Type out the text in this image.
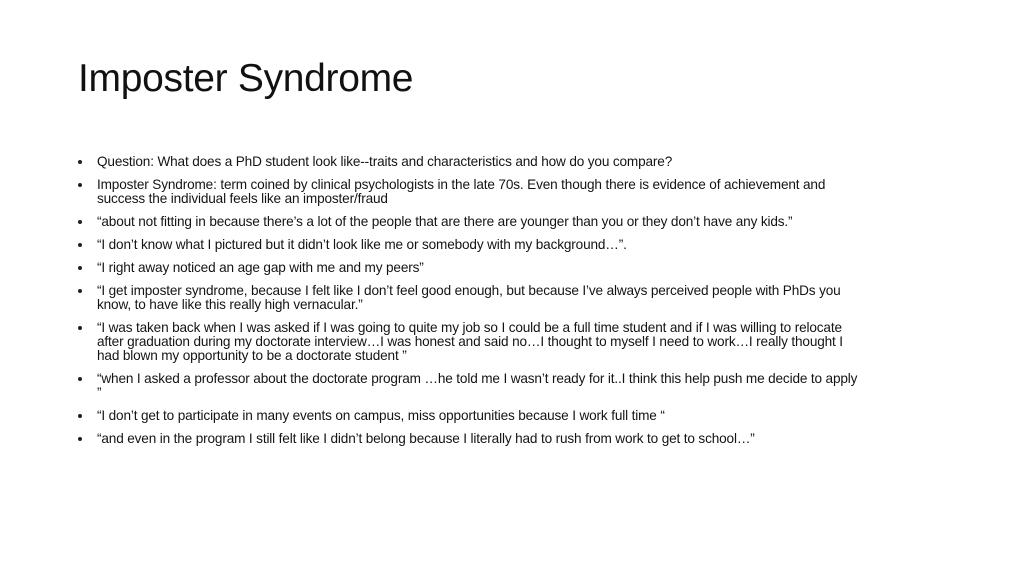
Imposter Syndrome
Question: What does a PhD student look like--traits and characteristics and how do you compare?
Imposter Syndrome: term coined by clinical psychologists in the late 70s. Even though there is evidence of achievement and
success the individual feels like an imposter/fraud
“about not fitting in because there’s a lot of the people that are there are younger than you or they don’t have any kids.”
“I don’t know what I pictured but it didn’t look like me or somebody with my background…”.
“I right away noticed an age gap with me and my peers”
“I get imposter syndrome, because I felt like I don’t feel good enough, but because I’ve always perceived people with PhDs you
know, to have like this really high vernacular.”
“I was taken back when I was asked if I was going to quite my job so I could be a full time student and if I was willing to relocate
after graduation during my doctorate interview…I was honest and said no…I thought to myself I need to work…I really thought I
had blown my opportunity to be a doctorate student ”
“when I asked a professor about the doctorate program …he told me I wasn’t ready for it..I think this help push me decide to apply
”
“I don’t get to participate in many events on campus, miss opportunities because I work full time “
“and even in the program I still felt like I didn’t belong because I literally had to rush from work to get to school…”
